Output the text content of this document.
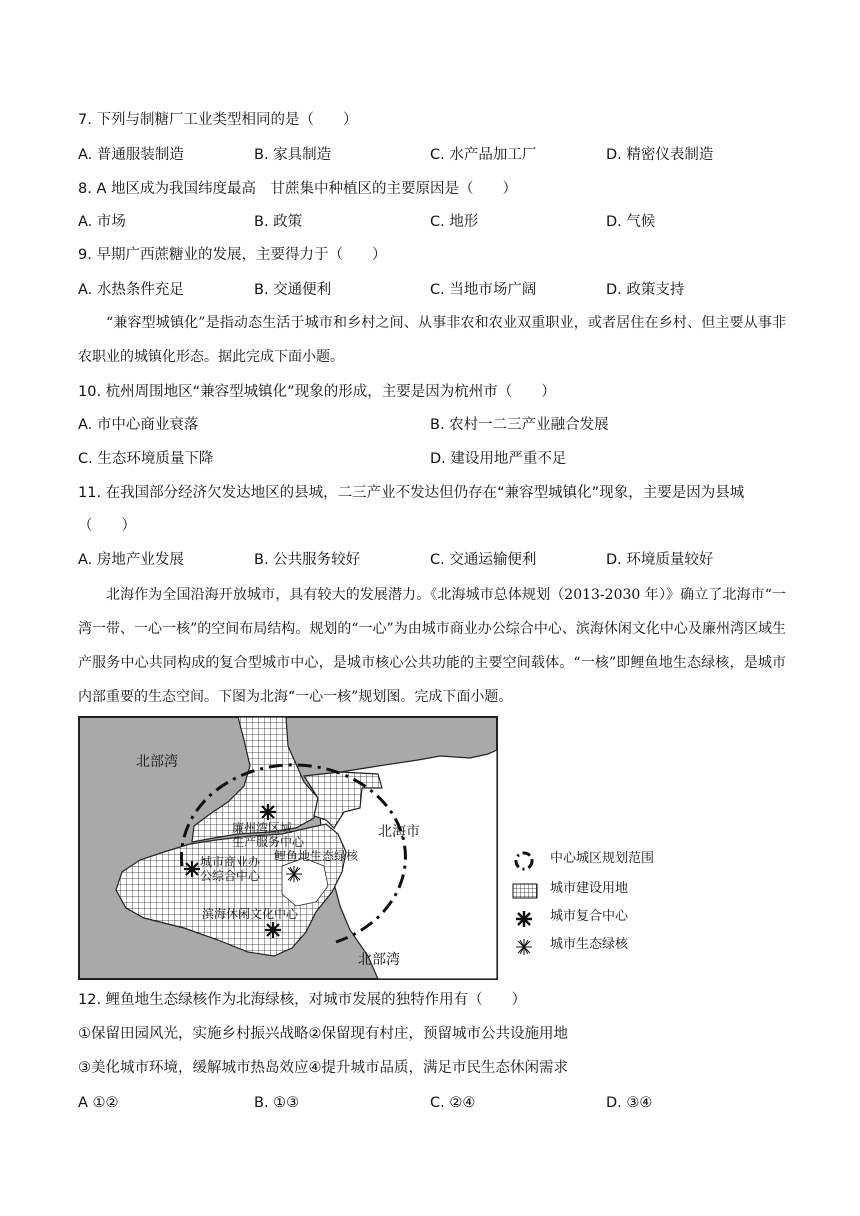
7. 下列与制糖厂工业类型相同的是（　　）
A. 普通服装制造	B. 家具制造	C. 水产品加工厂	D. 精密仪表制造
8. A 地区成为我国纬度最高　甘蔗集中种植区的主要原因是（　　）
A. 市场	B. 政策	C. 地形	D. 气候
9. 早期广西蔗糖业的发展，主要得力于（　　）
A. 水热条件充足	B. 交通便利	C. 当地市场广阔	D. 政策支持
“兼容型城镇化”是指动态生活于城市和乡村之间、从事非农和农业双重职业，或者居住在乡村、但主要从事非农职业的城镇化形态。据此完成下面小题。
10. 杭州周围地区“兼容型城镇化”现象的形成，主要是因为杭州市（　　）
A. 市中心商业衰落	B. 农村一二三产业融合发展
C. 生态环境质量下降	D. 建设用地严重不足
11. 在我国部分经济欠发达地区的县城，二三产业不发达但仍存在“兼容型城镇化”现象，主要是因为县城
（　　）
A. 房地产业发展	B. 公共服务较好	C. 交通运输便利	D. 环境质量较好
北海作为全国沿海开放城市，具有较大的发展潜力。《北海城市总体规划（2013-2030 年）》确立了北海市“一湾一带、一心一核”的空间布局结构。规划的“一心”为由城市商业办公综合中心、滨海休闲文化中心及廉州湾区域生产服务中心共同构成的复合型城市中心，是城市核心公共功能的主要空间载体。“一核”即鲤鱼地生态绿核，是城市内部重要的生态空间。下图为北海“一心一核”规划图。完成下面小题。
北部湾
北部湾
北海市
廉州湾区域
生产服务中心
城市商业办
公综合中心
鲤鱼地生态绿核
滨海休闲文化中心
中心城区规划范围
城市建设用地
城市复合中心
城市生态绿核
12. 鲤鱼地生态绿核作为北海绿核，对城市发展的独特作用有（　　）
①保留田园风光，实施乡村振兴战略②保留现有村庄，预留城市公共设施用地
③美化城市环境，缓解城市热岛效应④提升城市品质，满足市民生态休闲需求
A ①②	B. ①③	C. ②④	D. ③④
